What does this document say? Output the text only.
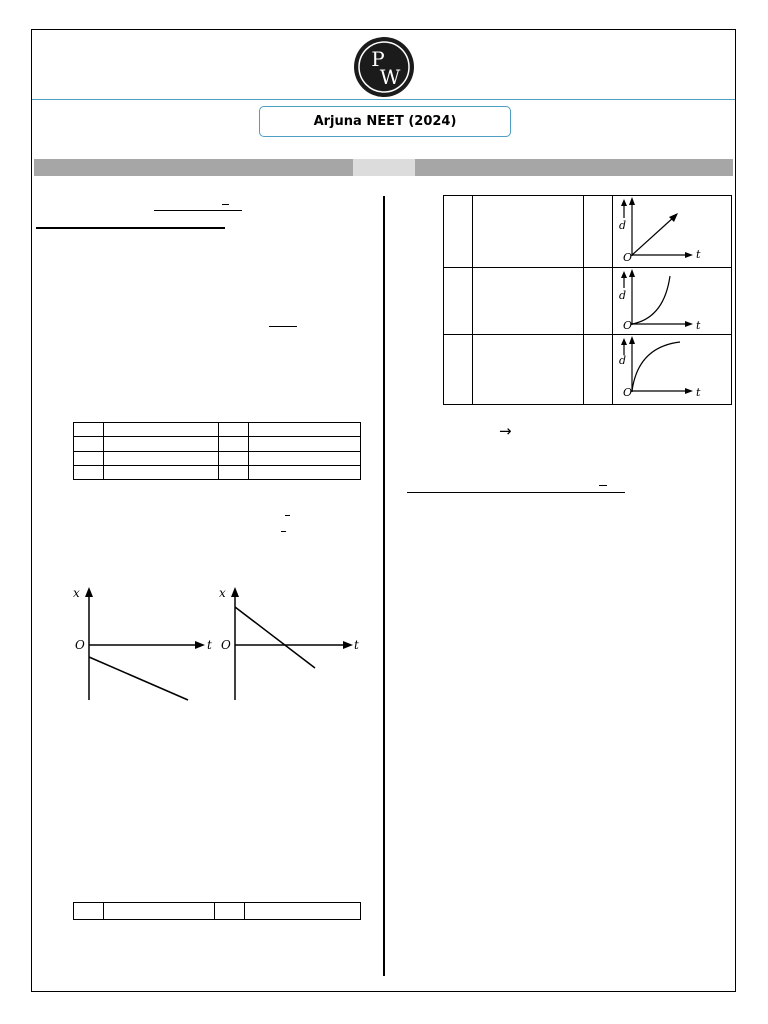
P
W
Arjuna NEET (2024)

x
O	t
x
O	t

d
O	t
d
O	t
d
O	t
→
